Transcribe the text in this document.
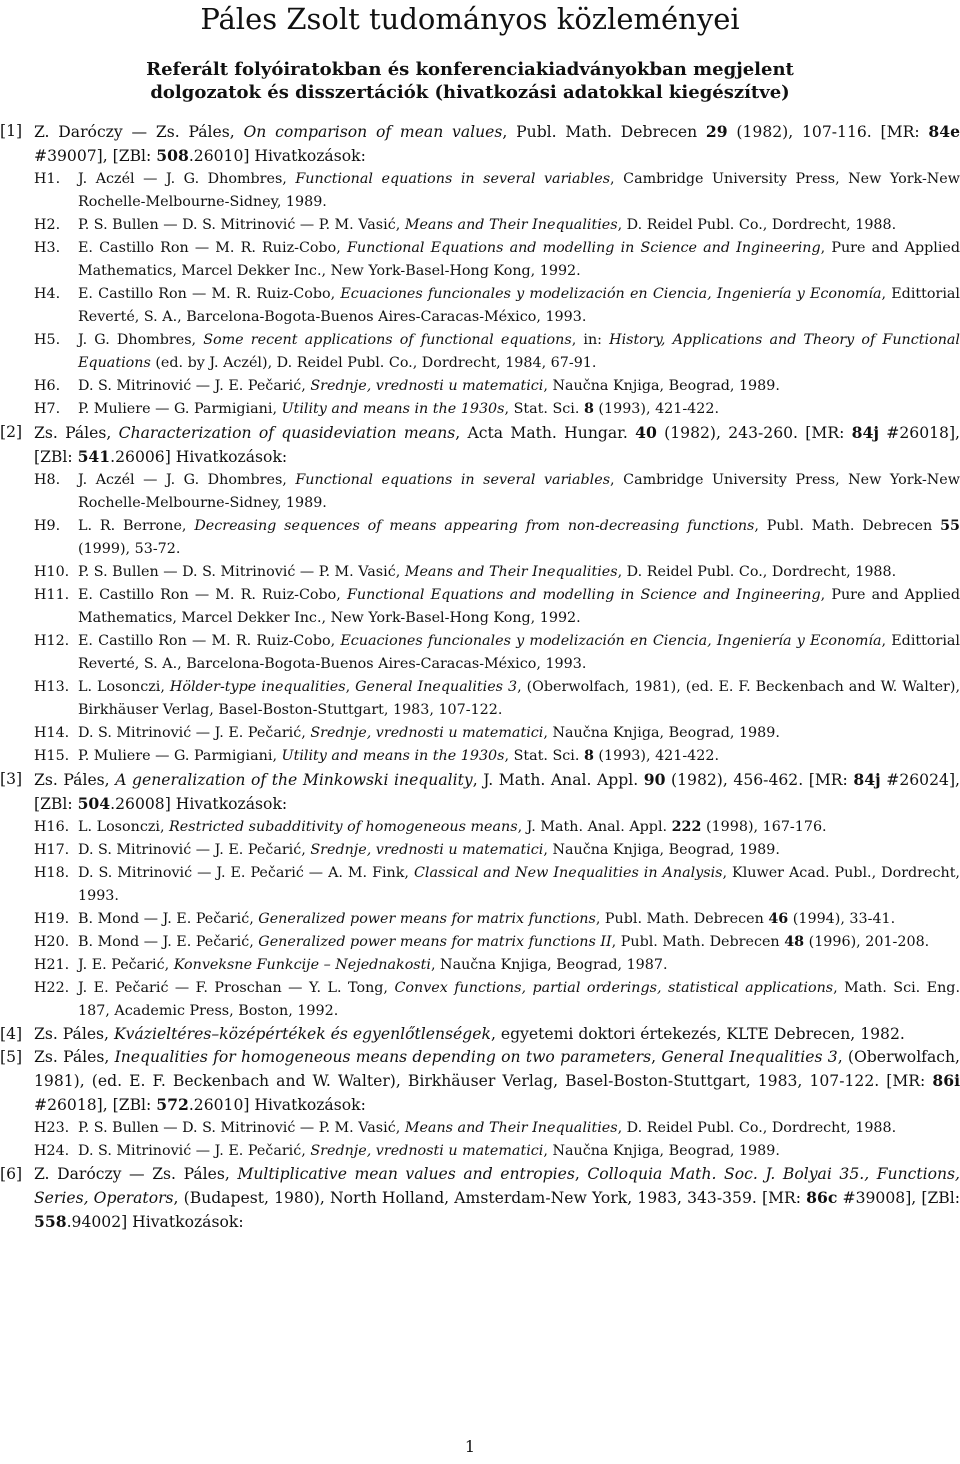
Páles Zsolt tudományos közleményei
Referált folyóiratokban és konferenciakiadványokban megjelent
dolgozatok és disszertációk (hivatkozási adatokkal kiegészítve)
[1] Z. Daróczy — Zs. Páles, On comparison of mean values, Publ. Math. Debrecen 29 (1982), 107-116. [MR: 84e #39007], [ZBl: 508.26010] Hivatkozások:
H1. J. Aczél — J. G. Dhombres, Functional equations in several variables, Cambridge University Press, New York-New Rochelle-Melbourne-Sidney, 1989.
H2. P. S. Bullen — D. S. Mitrinović — P. M. Vasić, Means and Their Inequalities, D. Reidel Publ. Co., Dordrecht, 1988.
H3. E. Castillo Ron — M. R. Ruiz-Cobo, Functional Equations and modelling in Science and Ingineering, Pure and Applied Mathematics, Marcel Dekker Inc., New York-Basel-Hong Kong, 1992.
H4. E. Castillo Ron — M. R. Ruiz-Cobo, Ecuaciones funcionales y modelización en Ciencia, Ingeniería y Economía, Edittorial Reverté, S. A., Barcelona-Bogota-Buenos Aires-Caracas-México, 1993.
H5. J. G. Dhombres, Some recent applications of functional equations, in: History, Applications and Theory of Functional Equations (ed. by J. Aczél), D. Reidel Publ. Co., Dordrecht, 1984, 67-91.
H6. D. S. Mitrinović — J. E. Pečarić, Srednje, vrednosti u matematici, Naučna Knjiga, Beograd, 1989.
H7. P. Muliere — G. Parmigiani, Utility and means in the 1930s, Stat. Sci. 8 (1993), 421-422.
[2] Zs. Páles, Characterization of quasideviation means, Acta Math. Hungar. 40 (1982), 243-260. [MR: 84j #26018], [ZBl: 541.26006] Hivatkozások:
H8. J. Aczél — J. G. Dhombres, Functional equations in several variables, Cambridge University Press, New York-New Rochelle-Melbourne-Sidney, 1989.
H9. L. R. Berrone, Decreasing sequences of means appearing from non-decreasing functions, Publ. Math. Debrecen 55 (1999), 53-72.
H10. P. S. Bullen — D. S. Mitrinović — P. M. Vasić, Means and Their Inequalities, D. Reidel Publ. Co., Dordrecht, 1988.
H11. E. Castillo Ron — M. R. Ruiz-Cobo, Functional Equations and modelling in Science and Ingineering, Pure and Applied Mathematics, Marcel Dekker Inc., New York-Basel-Hong Kong, 1992.
H12. E. Castillo Ron — M. R. Ruiz-Cobo, Ecuaciones funcionales y modelización en Ciencia, Ingeniería y Economía, Edittorial Reverté, S. A., Barcelona-Bogota-Buenos Aires-Caracas-México, 1993.
H13. L. Losonczi, Hölder-type inequalities, General Inequalities 3, (Oberwolfach, 1981), (ed. E. F. Beckenbach and W. Walter), Birkhäuser Verlag, Basel-Boston-Stuttgart, 1983, 107-122.
H14. D. S. Mitrinović — J. E. Pečarić, Srednje, vrednosti u matematici, Naučna Knjiga, Beograd, 1989.
H15. P. Muliere — G. Parmigiani, Utility and means in the 1930s, Stat. Sci. 8 (1993), 421-422.
[3] Zs. Páles, A generalization of the Minkowski inequality, J. Math. Anal. Appl. 90 (1982), 456-462. [MR: 84j #26024], [ZBl: 504.26008] Hivatkozások:
H16. L. Losonczi, Restricted subadditivity of homogeneous means, J. Math. Anal. Appl. 222 (1998), 167-176.
H17. D. S. Mitrinović — J. E. Pečarić, Srednje, vrednosti u matematici, Naučna Knjiga, Beograd, 1989.
H18. D. S. Mitrinović — J. E. Pečarić — A. M. Fink, Classical and New Inequalities in Analysis, Kluwer Acad. Publ., Dordrecht, 1993.
H19. B. Mond — J. E. Pečarić, Generalized power means for matrix functions, Publ. Math. Debrecen 46 (1994), 33-41.
H20. B. Mond — J. E. Pečarić, Generalized power means for matrix functions II, Publ. Math. Debrecen 48 (1996), 201-208.
H21. J. E. Pečarić, Konveksne Funkcije – Nejednakosti, Naučna Knjiga, Beograd, 1987.
H22. J. E. Pečarić — F. Proschan — Y. L. Tong, Convex functions, partial orderings, statistical applications, Math. Sci. Eng. 187, Academic Press, Boston, 1992.
[4] Zs. Páles, Kvázieltéres–középértékek és egyenlőtlenségek, egyetemi doktori értekezés, KLTE Debrecen, 1982.
[5] Zs. Páles, Inequalities for homogeneous means depending on two parameters, General Inequalities 3, (Oberwolfach, 1981), (ed. E. F. Beckenbach and W. Walter), Birkhäuser Verlag, Basel-Boston-Stuttgart, 1983, 107-122. [MR: 86i #26018], [ZBl: 572.26010] Hivatkozások:
H23. P. S. Bullen — D. S. Mitrinović — P. M. Vasić, Means and Their Inequalities, D. Reidel Publ. Co., Dordrecht, 1988.
H24. D. S. Mitrinović — J. E. Pečarić, Srednje, vrednosti u matematici, Naučna Knjiga, Beograd, 1989.
[6] Z. Daróczy — Zs. Páles, Multiplicative mean values and entropies, Colloquia Math. Soc. J. Bolyai 35., Functions, Series, Operators, (Budapest, 1980), North Holland, Amsterdam-New York, 1983, 343-359. [MR: 86c #39008], [ZBl: 558.94002] Hivatkozások:
1
